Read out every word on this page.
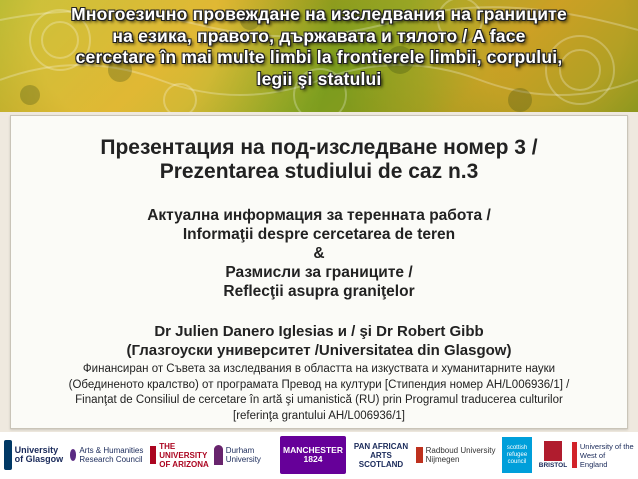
Многоезично провеждане на изследвания на границите
на езика, правото, държавата и тялото / A face
cercetare în mai multe limbi la frontierele limbii, corpului,
legii şi statului
Презентация на под-изследване номер 3 /
Prezentarea studiului de caz n.3
Актуална информация за теренната работа /
Informaţii despre cercetarea de teren
&
Размисли за границите /
Reflecţii asupra graniţelor
Dr Julien Danero Iglesias и / şi Dr Robert Gibb
(Глазгоуски университет /Universitatea din Glasgow)
Финансиран от Съвета за изследвания в областта на изкуствата и хуманитарните науки
(Обединеното кралство) от програмата Превод на култури [Стипендия номер AH/L006936/1] /
Finanţat de Consiliul de cercetare în artă şi umanistică (RU) prin Programul traducerea culturilor
[referinţa grantului AH/L006936/1]
University of Glasgow
Arts & Humanities Research Council
THE UNIVERSITY OF ARIZONA
Durham University
MANCHESTER 1824
PAN AFRICAN ARTS SCOTLAND
Radboud University Nijmegen
scottish refugee council	BRISTOL
University of the West of England
